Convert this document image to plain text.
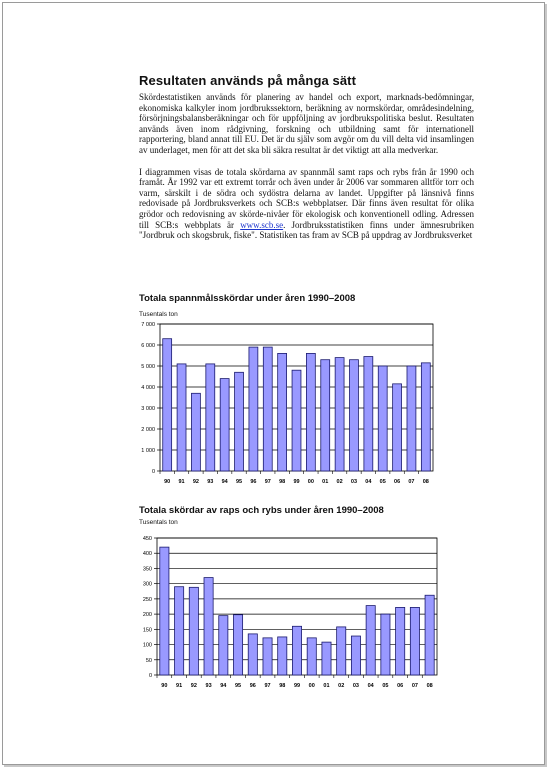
Resultaten används på många sätt

Skördestatistiken används för planering av handel och export, marknads-bedömningar, ekonomiska kalkyler inom jordbrukssektorn, beräkning av normskördar, områdesindelning, försörjningsbalansberäkningar och för uppföljning av jordbrukspolitiska beslut. Resultaten används även inom rådgivning, forskning och utbildning samt för internationell rapportering, bland annat till EU. Det är du själv som avgör om du vill delta vid insamlingen av underlaget, men för att det ska bli säkra resultat är det viktigt att alla medverkar.

I diagrammen visas de totala skördarna av spannmål samt raps och rybs från år 1990 och framåt. År 1992 var ett extremt torrår och även under år 2006 var sommaren alltför torr och varm, särskilt i de södra och sydöstra delarna av landet. Uppgifter på länsnivå finns redovisade på Jordbruksverkets och SCB:s webbplatser. Där finns även resultat för olika grödor och redovisning av skörde-nivåer för ekologisk och konventionell odling. Adressen till SCB:s webbplats är www.scb.se. Jordbruksstatistiken finns under ämnesrubriken "Jordbruk och skogsbruk, fiske". Statistiken tas fram av SCB på uppdrag av Jordbruksverket

Totala spannmålsskördar under åren 1990–2008
Tusentals ton
0
1 000
2 000
3 000
4 000
5 000
6 000
7 000
90 91 92 93 94 95 96 97 98 99 00 01 02 03 04 05 06 07 08
Totala skördar av raps och rybs under åren 1990–2008
Tusentals ton
0
50
100
150
200
250
300
350
400
450
90 91 92 93 94 95 96 97 98 99 00 01 02 03 04 05 06 07 08
